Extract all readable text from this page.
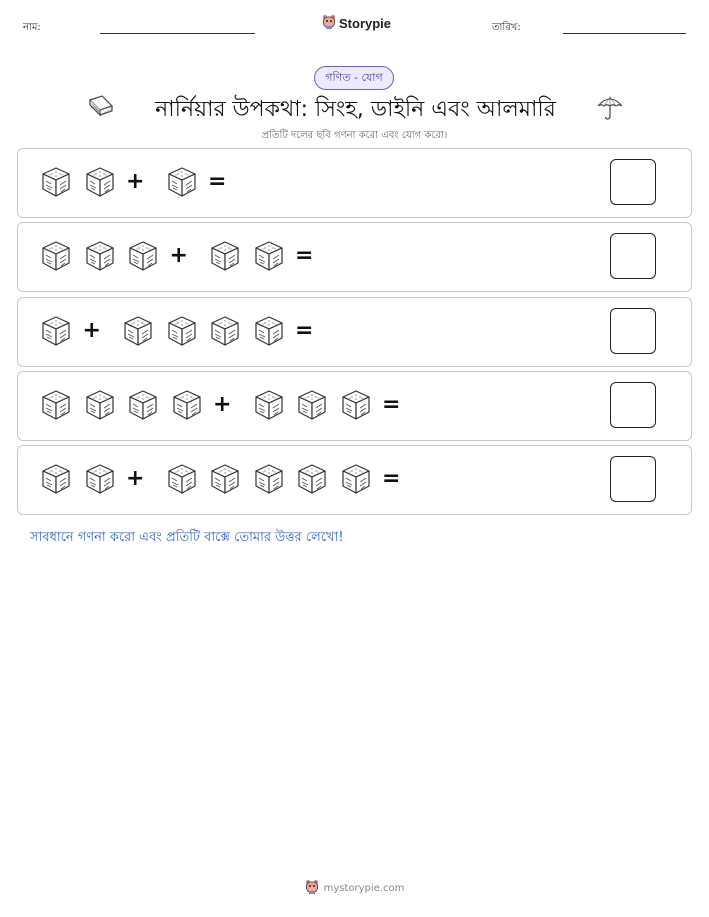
নাম:	Storypie	তারিখ:
গণিত - যোগ
নার্নিয়ার উপকথা: সিংহ, ডাইনি এবং আলমারি
প্রতিটি দলের ছবি গণনা করো এবং যোগ করো।
+	=
+	=
+	=
+	=
+	=
সাবধানে গণনা করো এবং প্রতিটি বাক্সে তোমার উত্তর লেখো!
mystorypie.com
